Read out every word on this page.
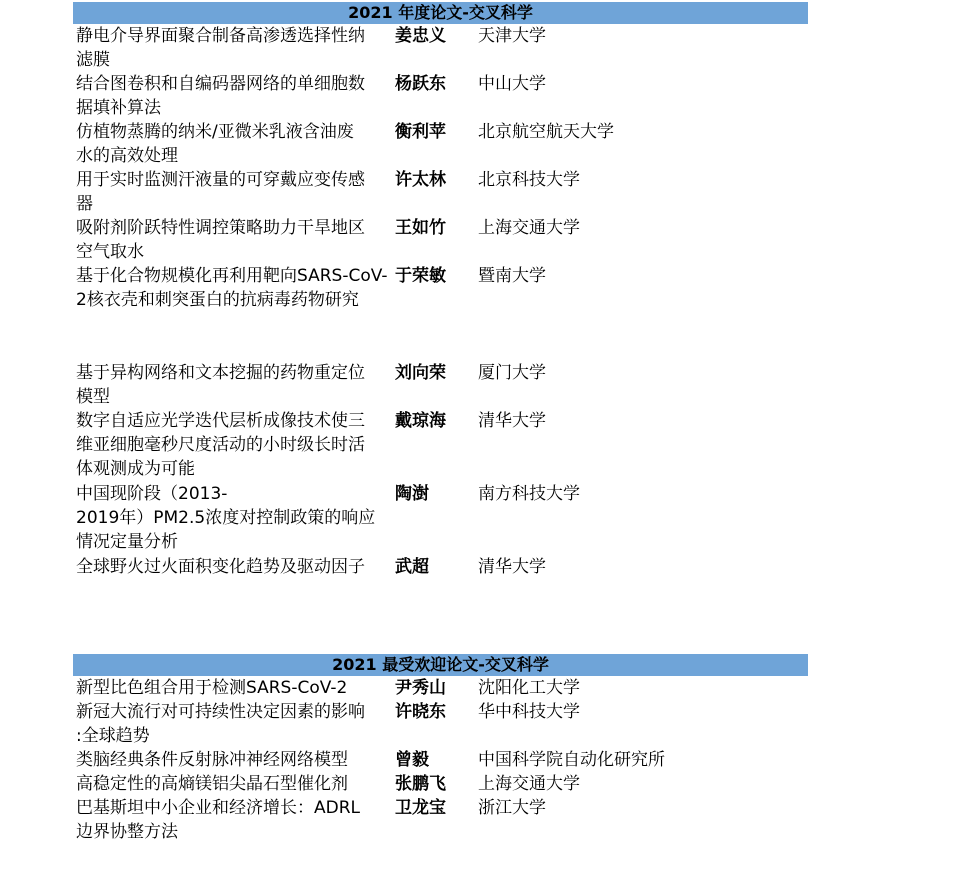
2021 年度论文-交叉科学
静电介导界面聚合制备高渗透选择性纳
滤膜
姜忠义 天津大学
结合图卷积和自编码器网络的单细胞数
据填补算法
杨跃东 中山大学
仿植物蒸腾的纳米/亚微米乳液含油废
水的高效处理
衡利苹 北京航空航天大学
用于实时监测汗液量的可穿戴应变传感
器
许太林 北京科技大学
吸附剂阶跃特性调控策略助力干旱地区
空气取水
王如竹 上海交通大学
基于化合物规模化再利用靶向SARS-CoV-
2核衣壳和刺突蛋白的抗病毒药物研究
于荣敏 暨南大学
基于异构网络和文本挖掘的药物重定位
模型
刘向荣 厦门大学
数字自适应光学迭代层析成像技术使三
维亚细胞毫秒尺度活动的小时级长时活
体观测成为可能
戴琼海 清华大学
中国现阶段（2013-
2019年）PM2.5浓度对控制政策的响应
情况定量分析
陶澍	南方科技大学
全球野火过火面积变化趋势及驱动因子	武超	清华大学
2021 最受欢迎论文-交叉科学
新型比色组合用于检测SARS-CoV-2	尹秀山 沈阳化工大学
新冠大流行对可持续性决定因素的影响
:全球趋势
许晓东 华中科技大学
类脑经典条件反射脉冲神经网络模型	曾毅	中国科学院自动化研究所
高稳定性的高熵镁铝尖晶石型催化剂	张鹏飞 上海交通大学
巴基斯坦中小企业和经济增长：ADRL
边界协整方法
卫龙宝 浙江大学
